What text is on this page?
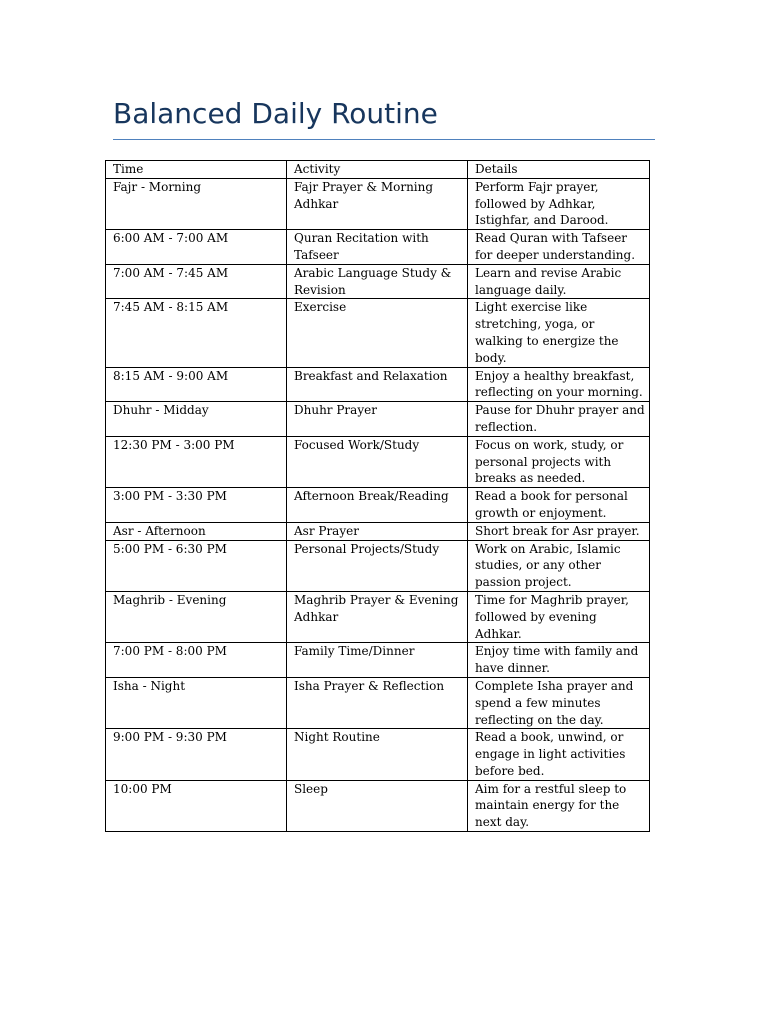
Balanced Daily Routine
Time	Activity	Details
Fajr - Morning	Fajr Prayer & Morning Adhkar	Perform Fajr prayer, followed by Adhkar, Istighfar, and Darood.
6:00 AM - 7:00 AM	Quran Recitation with Tafseer	Read Quran with Tafseer for deeper understanding.
7:00 AM - 7:45 AM	Arabic Language Study & Revision	Learn and revise Arabic language daily.
7:45 AM - 8:15 AM	Exercise	Light exercise like stretching, yoga, or walking to energize the body.
8:15 AM - 9:00 AM	Breakfast and Relaxation	Enjoy a healthy breakfast, reflecting on your morning.
Dhuhr - Midday	Dhuhr Prayer	Pause for Dhuhr prayer and reflection.
12:30 PM - 3:00 PM	Focused Work/Study	Focus on work, study, or personal projects with breaks as needed.
3:00 PM - 3:30 PM	Afternoon Break/Reading	Read a book for personal growth or enjoyment.
Asr - Afternoon	Asr Prayer	Short break for Asr prayer.
5:00 PM - 6:30 PM	Personal Projects/Study	Work on Arabic, Islamic studies, or any other passion project.
Maghrib - Evening	Maghrib Prayer & Evening Adhkar	Time for Maghrib prayer, followed by evening Adhkar.
7:00 PM - 8:00 PM	Family Time/Dinner	Enjoy time with family and have dinner.
Isha - Night	Isha Prayer & Reflection	Complete Isha prayer and spend a few minutes reflecting on the day.
9:00 PM - 9:30 PM	Night Routine	Read a book, unwind, or engage in light activities before bed.
10:00 PM	Sleep	Aim for a restful sleep to maintain energy for the next day.
